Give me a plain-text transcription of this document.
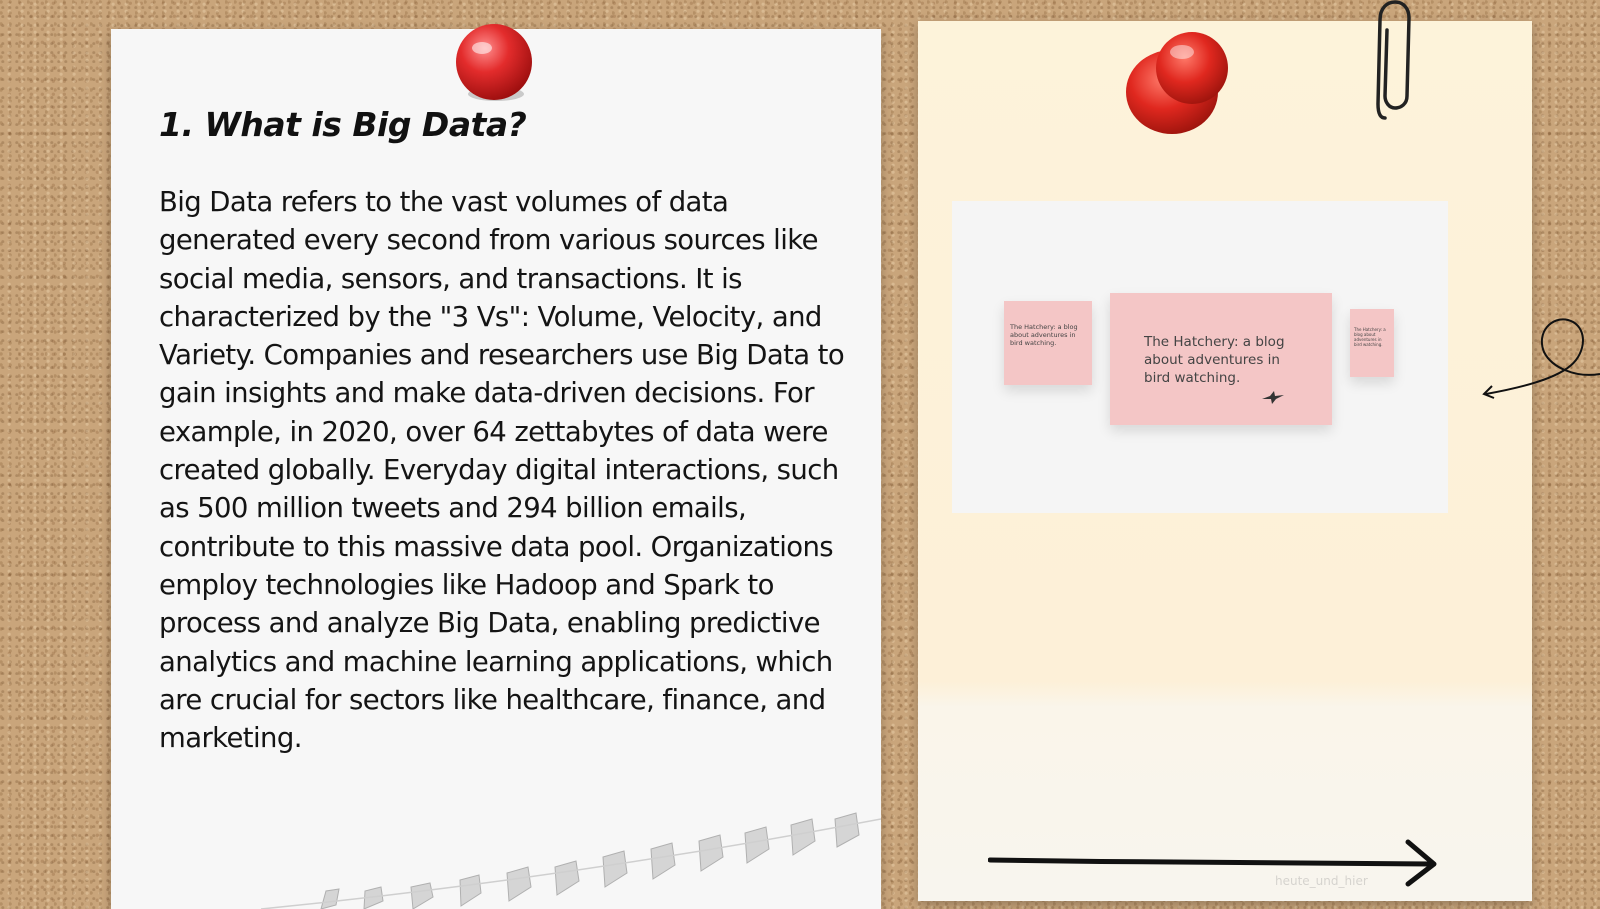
1. What is Big Data?

Big Data refers to the vast volumes of data generated every second from various sources like social media, sensors, and transactions. It is characterized by the "3 Vs": Volume, Velocity, and Variety. Companies and researchers use Big Data to gain insights and make data-driven decisions. For example, in 2020, over 64 zettabytes of data were created globally. Everyday digital interactions, such as 500 million tweets and 294 billion emails, contribute to this massive data pool. Organizations employ technologies like Hadoop and Spark to process and analyze Big Data, enabling predictive analytics and machine learning applications, which are crucial for sectors like healthcare, finance, and marketing.

The Hatchery: a blog about adventures in bird watching.	The Hatchery: a blog about adventures in bird watching.

The Hatchery: a blog about adventures in bird watching.

heute_und_hier
